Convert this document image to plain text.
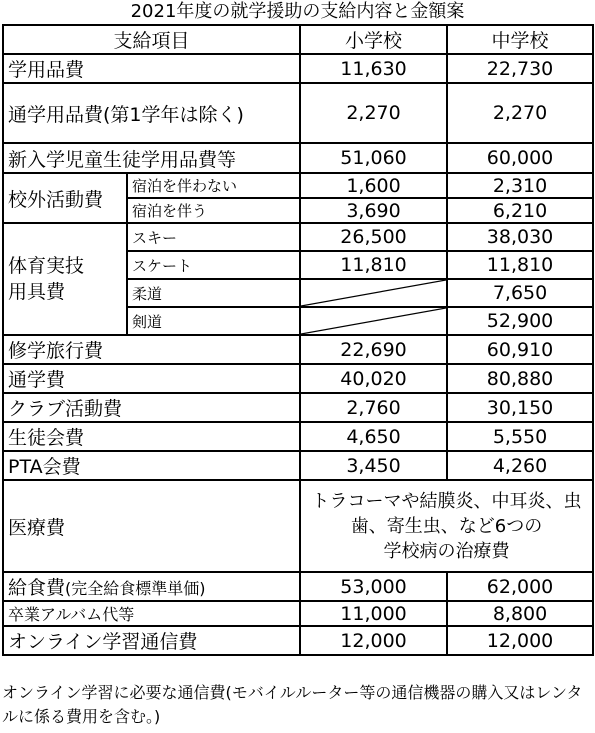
2021年度の就学援助の支給内容と金額案
支給項目		小学校	中学校
学用品費		11,630	22,730
通学用品費(第1学年は除く)		2,270	2,270
新入学児童生徒学用品費等		51,060	60,000
校外活動費	宿泊を伴わない	1,600	2,310
	宿泊を伴う	3,690	6,210
体育実技
用具費	スキー	26,500	38,030
	スケート	11,810	11,810
	柔道		7,650
	剣道		52,900
修学旅行費		22,690	60,910
通学費		40,020	80,880
クラブ活動費		2,760	30,150
生徒会費		4,650	5,550
PTA会費		3,450	4,260
医療費		トラコーマや結膜炎、中耳炎、虫
歯、寄生虫、など6つの
学校病の治療費	
給食費(完全給食標準単価)		53,000	62,000
卒業アルバム代等		11,000	8,800
オンライン学習通信費		12,000	12,000
オンライン学習に必要な通信費(モバイルルーター等の通信機器の購入又はレンタルに係る費用を含む。)
